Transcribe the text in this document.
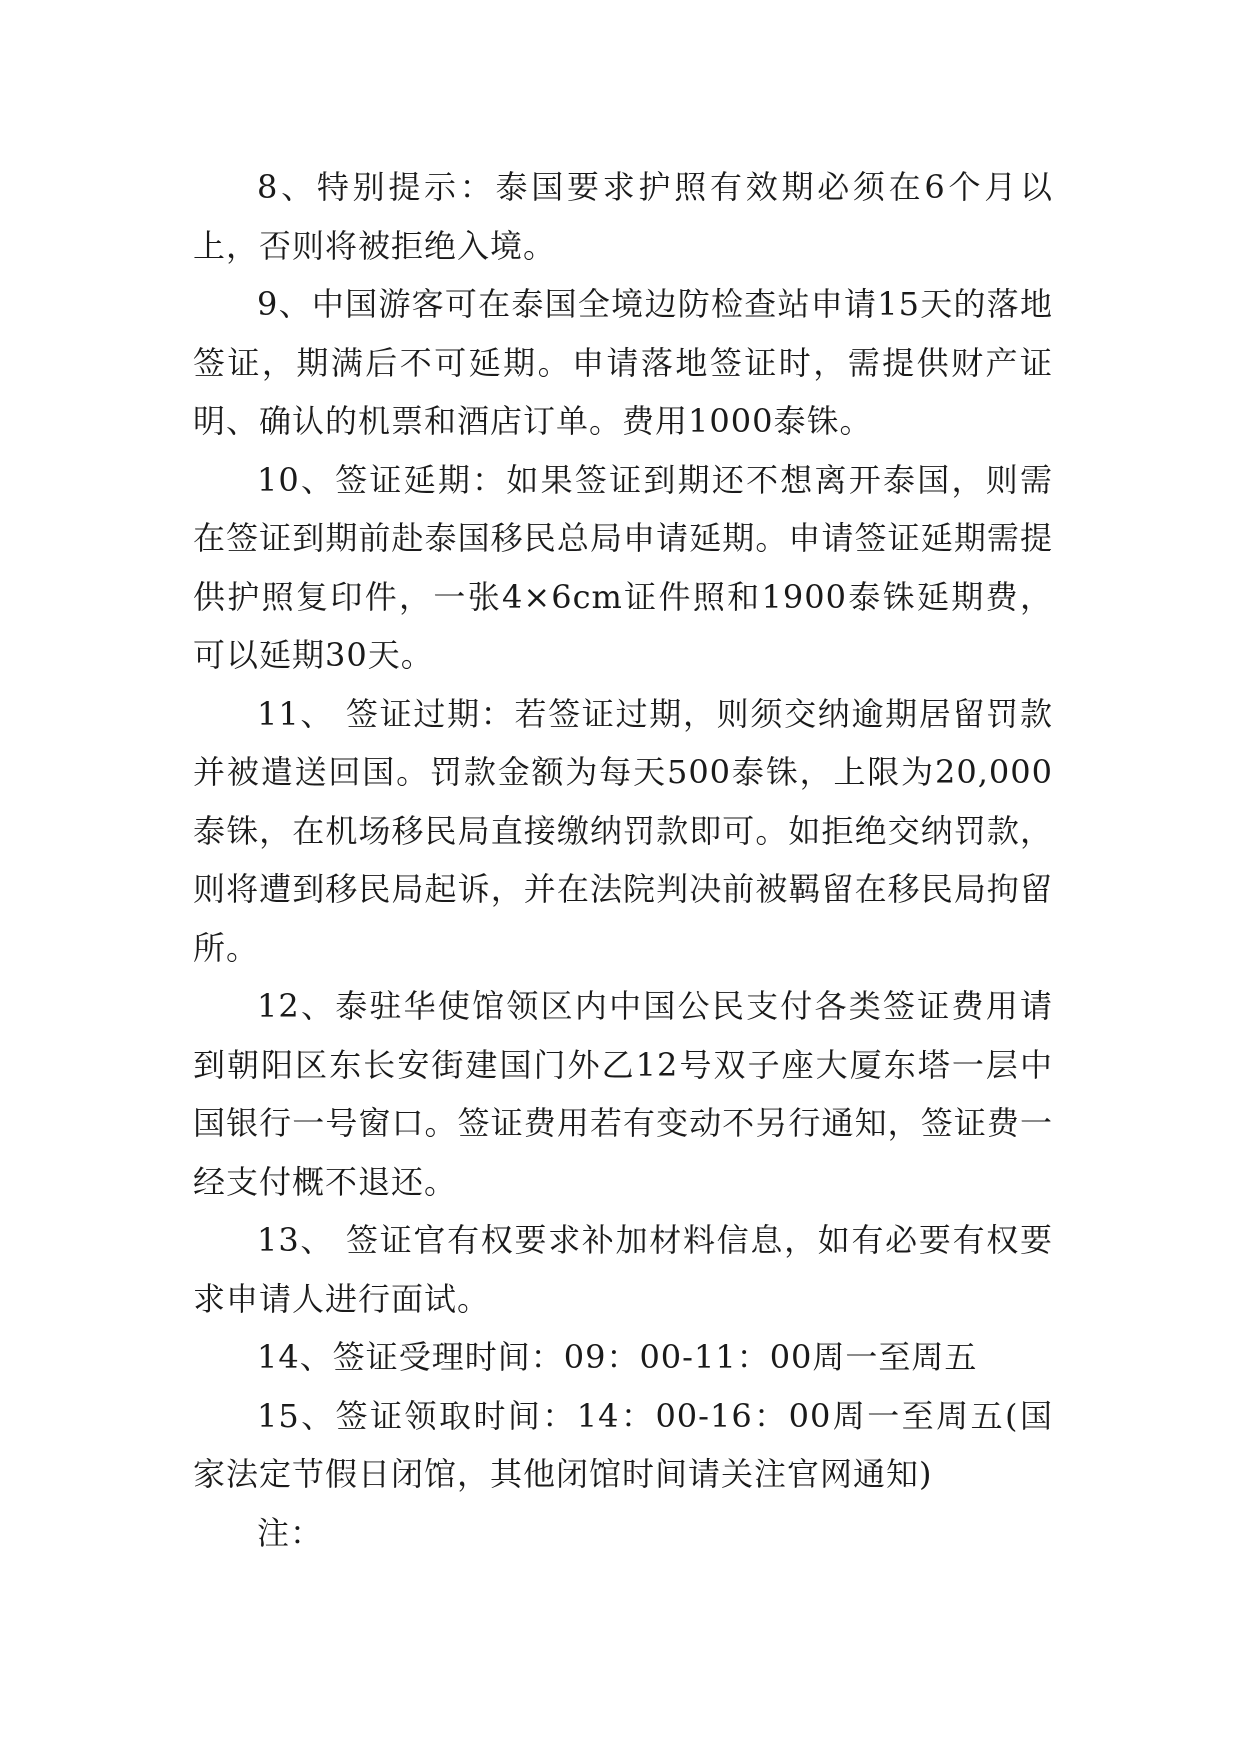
8、特别提示：泰国要求护照有效期必须在6个月以上，否则将被拒绝入境。

9、中国游客可在泰国全境边防检查站申请15天的落地签证，期满后不可延期。申请落地签证时，需提供财产证明、确认的机票和酒店订单。费用1000泰铢。

10、签证延期：如果签证到期还不想离开泰国，则需在签证到期前赴泰国移民总局申请延期。申请签证延期需提供护照复印件，一张4×6cm证件照和1900泰铢延期费，可以延期30天。

11、 签证过期：若签证过期，则须交纳逾期居留罚款并被遣送回国。罚款金额为每天500泰铢，上限为20,000泰铢，在机场移民局直接缴纳罚款即可。如拒绝交纳罚款，则将遭到移民局起诉，并在法院判决前被羁留在移民局拘留所。

12、泰驻华使馆领区内中国公民支付各类签证费用请到朝阳区东长安街建国门外乙12号双子座大厦东塔一层中国银行一号窗口。签证费用若有变动不另行通知，签证费一经支付概不退还。

13、 签证官有权要求补加材料信息，如有必要有权要求申请人进行面试。

14、签证受理时间：09：00-11：00周一至周五

15、签证领取时间：14：00-16：00周一至周五(国家法定节假日闭馆，其他闭馆时间请关注官网通知)

注：
